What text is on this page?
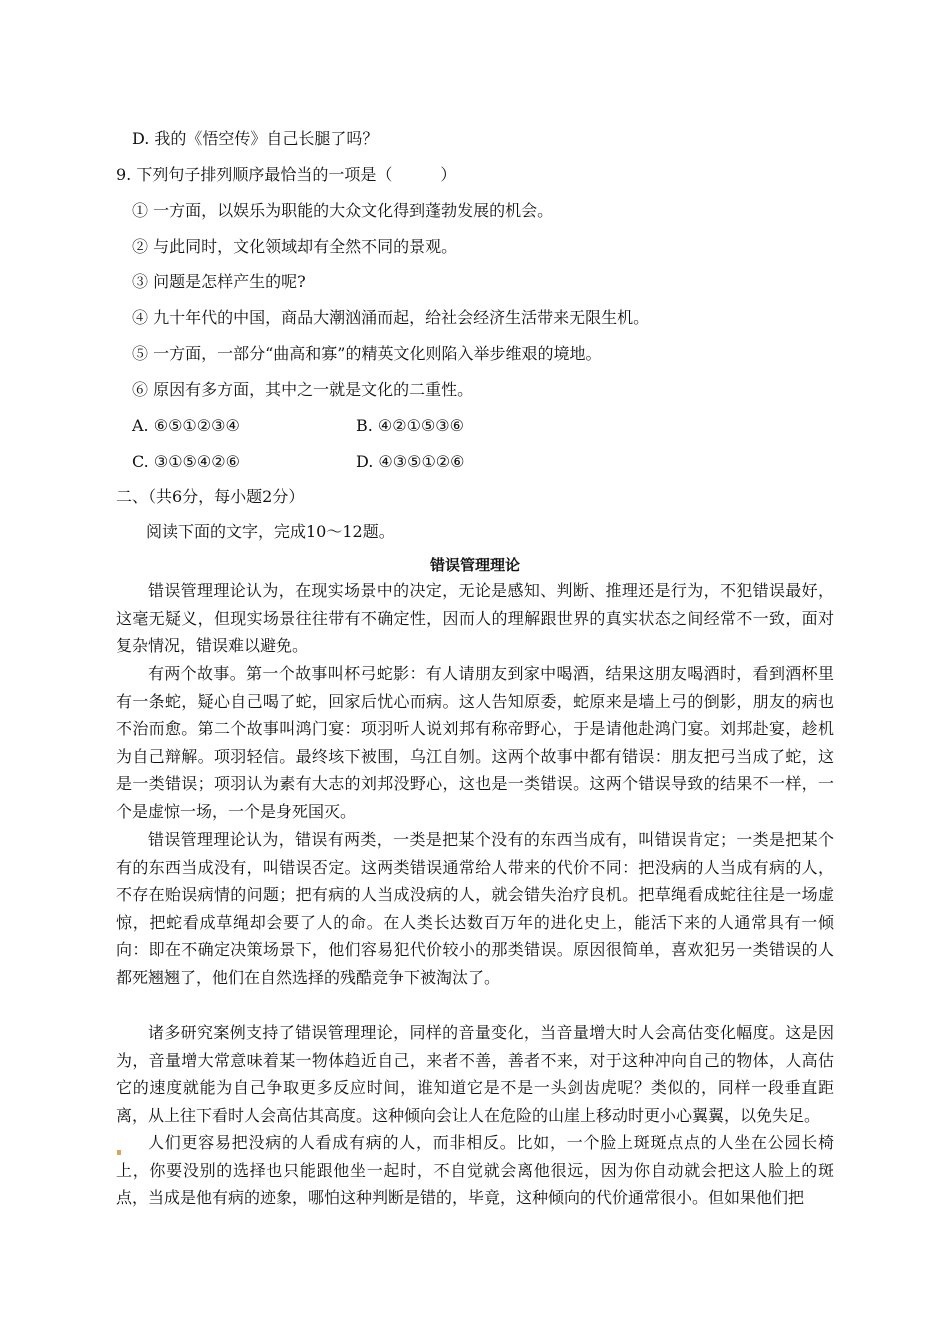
D. 我的《悟空传》自己长腿了吗？
9. 下列句子排列顺序最恰当的一项是（　　　）
① 一方面，以娱乐为职能的大众文化得到蓬勃发展的机会。
② 与此同时，文化领域却有全然不同的景观。
③ 问题是怎样产生的呢?
④ 九十年代的中国，商品大潮汹涌而起，给社会经济生活带来无限生机。
⑤ 一方面，一部分“曲高和寡”的精英文化则陷入举步维艰的境地。
⑥ 原因有多方面，其中之一就是文化的二重性。
A. ⑥⑤①②③④	B. ④②①⑤③⑥
C. ③①⑤④②⑥	D. ④③⑤①②⑥
二、（共6分，每小题2分）
阅读下面的文字，完成10～12题。
错误管理理论
错误管理理论认为，在现实场景中的决定，无论是感知、判断、推理还是行为，不犯错误最好，这毫无疑义，但现实场景往往带有不确定性，因而人的理解跟世界的真实状态之间经常不一致，面对复杂情况，错误难以避免。
有两个故事。第一个故事叫杯弓蛇影：有人请朋友到家中喝酒，结果这朋友喝酒时，看到酒杯里有一条蛇，疑心自己喝了蛇，回家后忧心而病。这人告知原委，蛇原来是墙上弓的倒影，朋友的病也不治而愈。第二个故事叫鸿门宴：项羽听人说刘邦有称帝野心，于是请他赴鸿门宴。刘邦赴宴，趁机为自己辩解。项羽轻信。最终垓下被围，乌江自刎。这两个故事中都有错误：朋友把弓当成了蛇，这是一类错误；项羽认为素有大志的刘邦没野心，这也是一类错误。这两个错误导致的结果不一样，一个是虚惊一场，一个是身死国灭。
错误管理理论认为，错误有两类，一类是把某个没有的东西当成有，叫错误肯定；一类是把某个有的东西当成没有，叫错误否定。这两类错误通常给人带来的代价不同：把没病的人当成有病的人，不存在贻误病情的问题；把有病的人当成没病的人，就会错失治疗良机。把草绳看成蛇往往是一场虚惊，把蛇看成草绳却会要了人的命。在人类长达数百万年的进化史上，能活下来的人通常具有一倾向：即在不确定决策场景下，他们容易犯代价较小的那类错误。原因很简单，喜欢犯另一类错误的人都死翘翘了，他们在自然选择的残酷竞争下被淘汰了。
诸多研究案例支持了错误管理理论，同样的音量变化，当音量增大时人会高估变化幅度。这是因为，音量增大常意味着某一物体趋近自己，来者不善，善者不来，对于这种冲向自己的物体，人高估它的速度就能为自己争取更多反应时间，谁知道它是不是一头剑齿虎呢？类似的，同样一段垂直距离，从上往下看时人会高估其高度。这种倾向会让人在危险的山崖上移动时更小心翼翼，以免失足。
人们更容易把没病的人看成有病的人，而非相反。比如，一个脸上斑斑点点的人坐在公园长椅上，你要没别的选择也只能跟他坐一起时，不自觉就会离他很远，因为你自动就会把这人脸上的斑点，当成是他有病的迹象，哪怕这种判断是错的，毕竟，这种倾向的代价通常很小。但如果他们把
